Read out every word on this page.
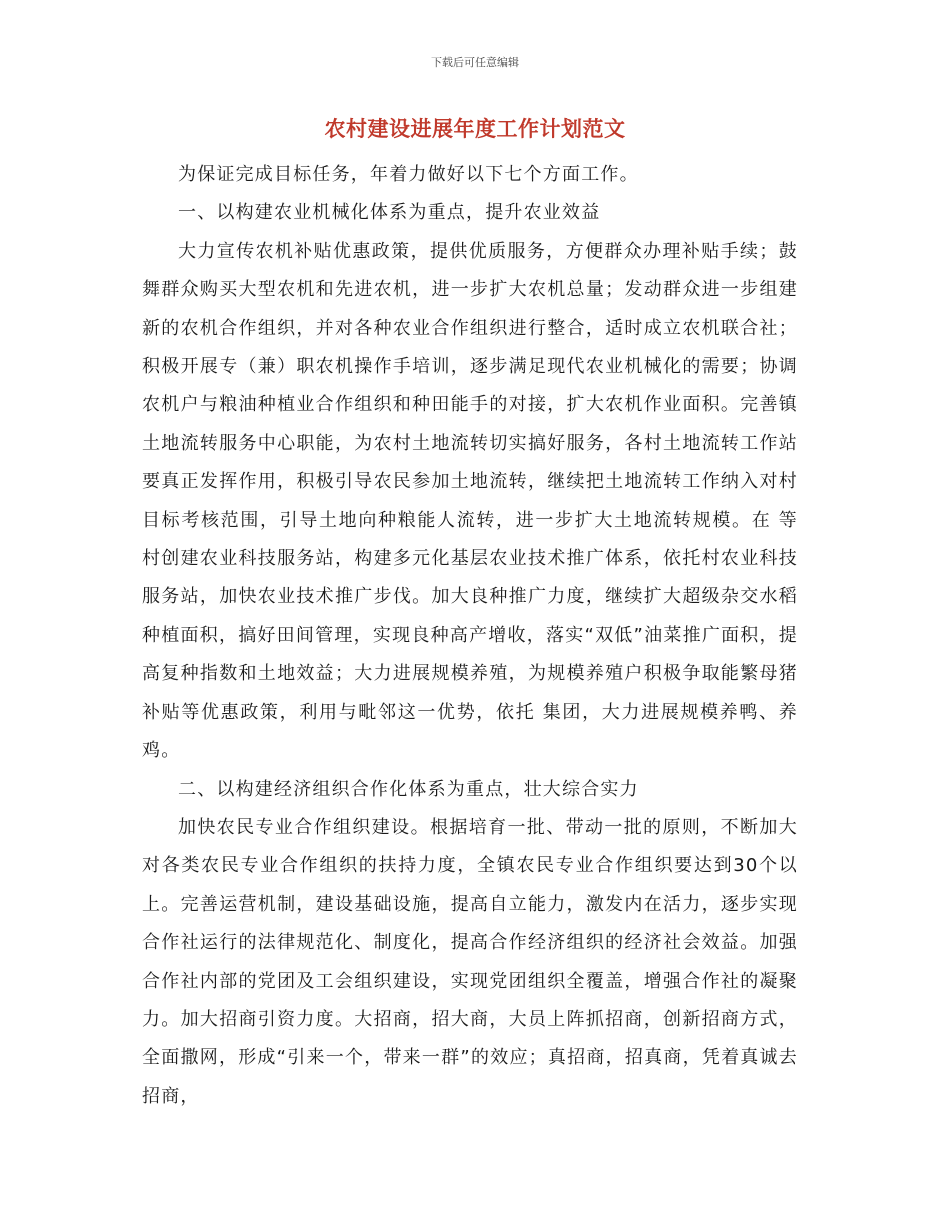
下载后可任意编辑
农村建设进展年度工作计划范文

为保证完成目标任务，年着力做好以下七个方面工作。

一、以构建农业机械化体系为重点，提升农业效益

大力宣传农机补贴优惠政策，提供优质服务，方便群众办理补贴手续；鼓舞群众购买大型农机和先进农机，进一步扩大农机总量；发动群众进一步组建新的农机合作组织，并对各种农业合作组织进行整合，适时成立农机联合社；积极开展专（兼）职农机操作手培训，逐步满足现代农业机械化的需要；协调农机户与粮油种植业合作组织和种田能手的对接，扩大农机作业面积。完善镇土地流转服务中心职能，为农村土地流转切实搞好服务，各村土地流转工作站要真正发挥作用，积极引导农民参加土地流转，继续把土地流转工作纳入对村目标考核范围，引导土地向种粮能人流转，进一步扩大土地流转规模。在 等村创建农业科技服务站，构建多元化基层农业技术推广体系，依托村农业科技服务站，加快农业技术推广步伐。加大良种推广力度，继续扩大超级杂交水稻种植面积，搞好田间管理，实现良种高产增收，落实“双低”油菜推广面积，提高复种指数和土地效益；大力进展规模养殖，为规模养殖户积极争取能繁母猪补贴等优惠政策，利用与毗邻这一优势，依托 集团，大力进展规模养鸭、养鸡。

二、以构建经济组织合作化体系为重点，壮大综合实力

加快农民专业合作组织建设。根据培育一批、带动一批的原则，不断加大对各类农民专业合作组织的扶持力度，全镇农民专业合作组织要达到30个以上。完善运营机制，建设基础设施，提高自立能力，激发内在活力，逐步实现合作社运行的法律规范化、制度化，提高合作经济组织的经济社会效益。加强合作社内部的党团及工会组织建设，实现党团组织全覆盖，增强合作社的凝聚力。加大招商引资力度。大招商，招大商，大员上阵抓招商，创新招商方式，全面撒网，形成“引来一个，带来一群”的效应；真招商，招真商，凭着真诚去招商，
